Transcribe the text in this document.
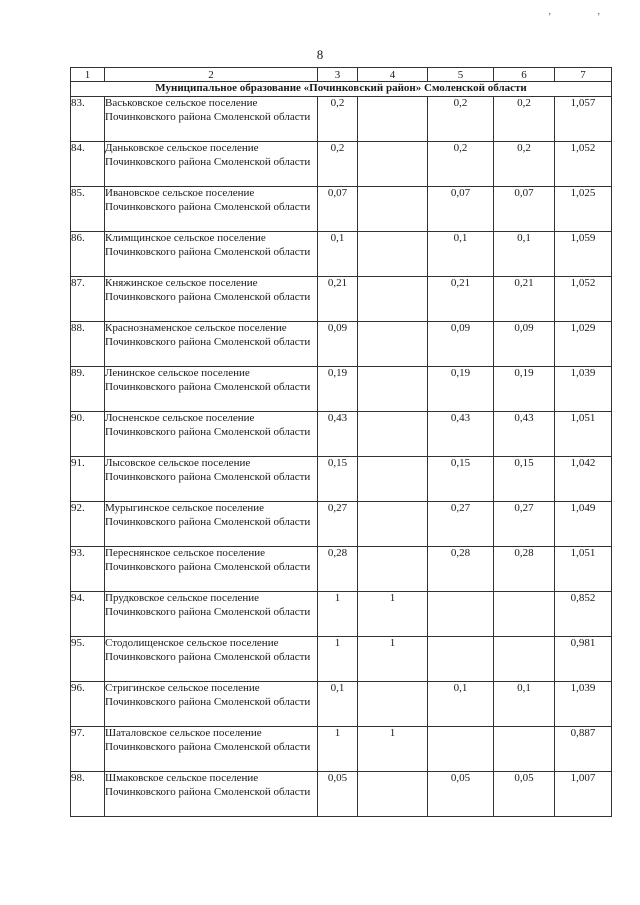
, ,
8
1	2	3	4	5	6	7
Муниципальное образование «Починковский район» Смоленской области						
83.	Васьковское сельское поселение Починковского района Смоленской области	0,2		0,2	0,2	1,057
84.	Даньковское сельское поселение Починковского района Смоленской области	0,2		0,2	0,2	1,052
85.	Ивановское сельское поселение Починковского района Смоленской области	0,07		0,07	0,07	1,025
86.	Климщинское сельское поселение Починковского района Смоленской области	0,1		0,1	0,1	1,059
87.	Княжинское сельское поселение Починковского района Смоленской области	0,21		0,21	0,21	1,052
88.	Краснознаменское сельское поселение Починковского района Смоленской области	0,09		0,09	0,09	1,029
89.	Ленинское сельское поселение Починковского района Смоленской области	0,19		0,19	0,19	1,039
90.	Лосненское сельское поселение Починковского района Смоленской области	0,43		0,43	0,43	1,051
91.	Лысовское сельское поселение Починковского района Смоленской области	0,15		0,15	0,15	1,042
92.	Мурыгинское сельское поселение Починковского района Смоленской области	0,27		0,27	0,27	1,049
93.	Переснянское сельское поселение Починковского района Смоленской области	0,28		0,28	0,28	1,051
94.	Прудковское сельское поселение Починковского района Смоленской области	1	1			0,852
95.	Стодолищенское сельское поселение Починковского района Смоленской области	1	1			0,981
96.	Стригинское сельское поселение Починковского района Смоленской области	0,1		0,1	0,1	1,039
97.	Шаталовское сельское поселение Починковского района Смоленской области	1	1			0,887
98.	Шмаковское сельское поселение Починковского района Смоленской области	0,05		0,05	0,05	1,007
